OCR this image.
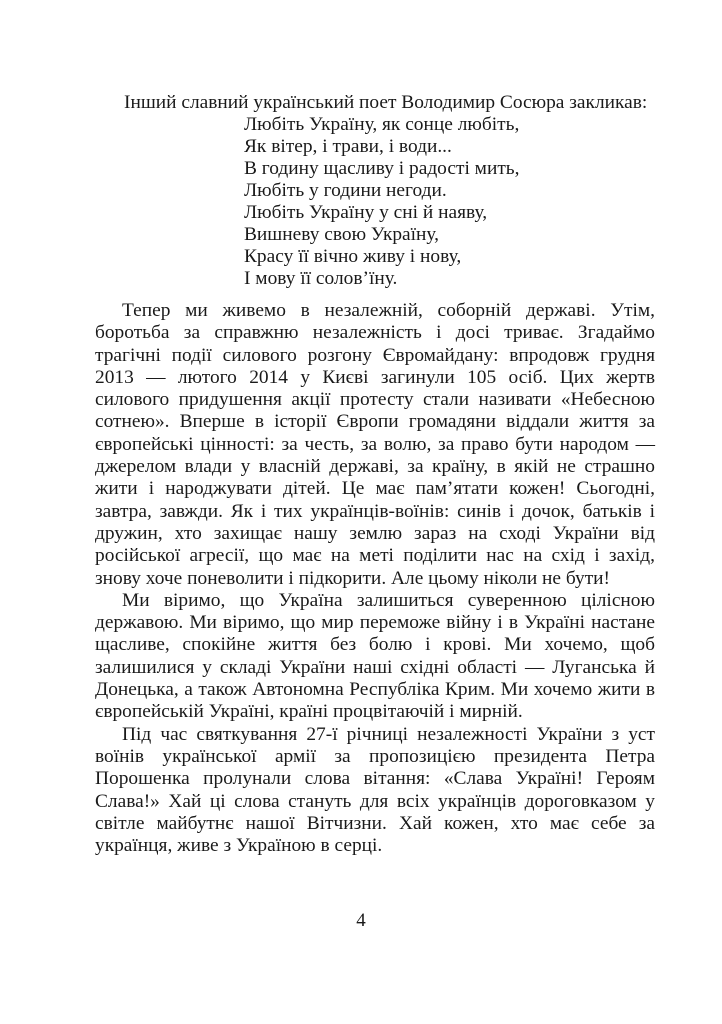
Інший славний український поет Володимир Сосюра закликав:

Любіть Україну, як сонце любіть,
Як вітер, і трави, і води...
В годину щасливу і радості мить,
Любіть у години негоди.
Любіть Україну у сні й наяву,
Вишневу свою Україну,
Красу її вічно живу і нову,
І мову її солов’їну.

Тепер ми живемо в незалежній, соборній державі. Утім, боротьба за справжню незалежність і досі триває. Згадаймо трагічні події силового розгону Євромайдану: впродовж грудня 2013 — лютого 2014 у Києві загинули 105 осіб. Цих жертв силового придушення акції протесту стали називати «Небесною сотнею». Вперше в історії Європи громадяни віддали життя за європейські цінності: за честь, за волю, за право бути народом — джерелом влади у власній державі, за країну, в якій не страшно жити і народжувати дітей. Це має пам’ятати кожен! Сьогодні, завтра, завжди. Як і тих українців-воїнів: синів і дочок, батьків і дружин, хто захищає нашу землю зараз на сході України від російської агресії, що має на меті поділити нас на схід і захід, знову хоче поневолити і підкорити. Але цьому ніколи не бути!

Ми віримо, що Україна залишиться суверенною цілісною державою. Ми віримо, що мир переможе війну і в Україні настане щасливе, спокійне життя без болю і крові. Ми хочемо, щоб залишилися у складі України наші східні області — Луганська й Донецька, а також Автономна Республіка Крим. Ми хочемо жити в європейській Україні, країні процвітаючій і мирній.

Під час святкування 27-ї річниці незалежності України з уст воїнів української армії за пропозицією президента Петра Порошенка пролунали слова вітання: «Слава Україні! Героям Слава!» Хай ці слова стануть для всіх українців дороговказом у світле майбутнє нашої Вітчизни. Хай кожен, хто має себе за українця, живе з Україною в серці.

4
